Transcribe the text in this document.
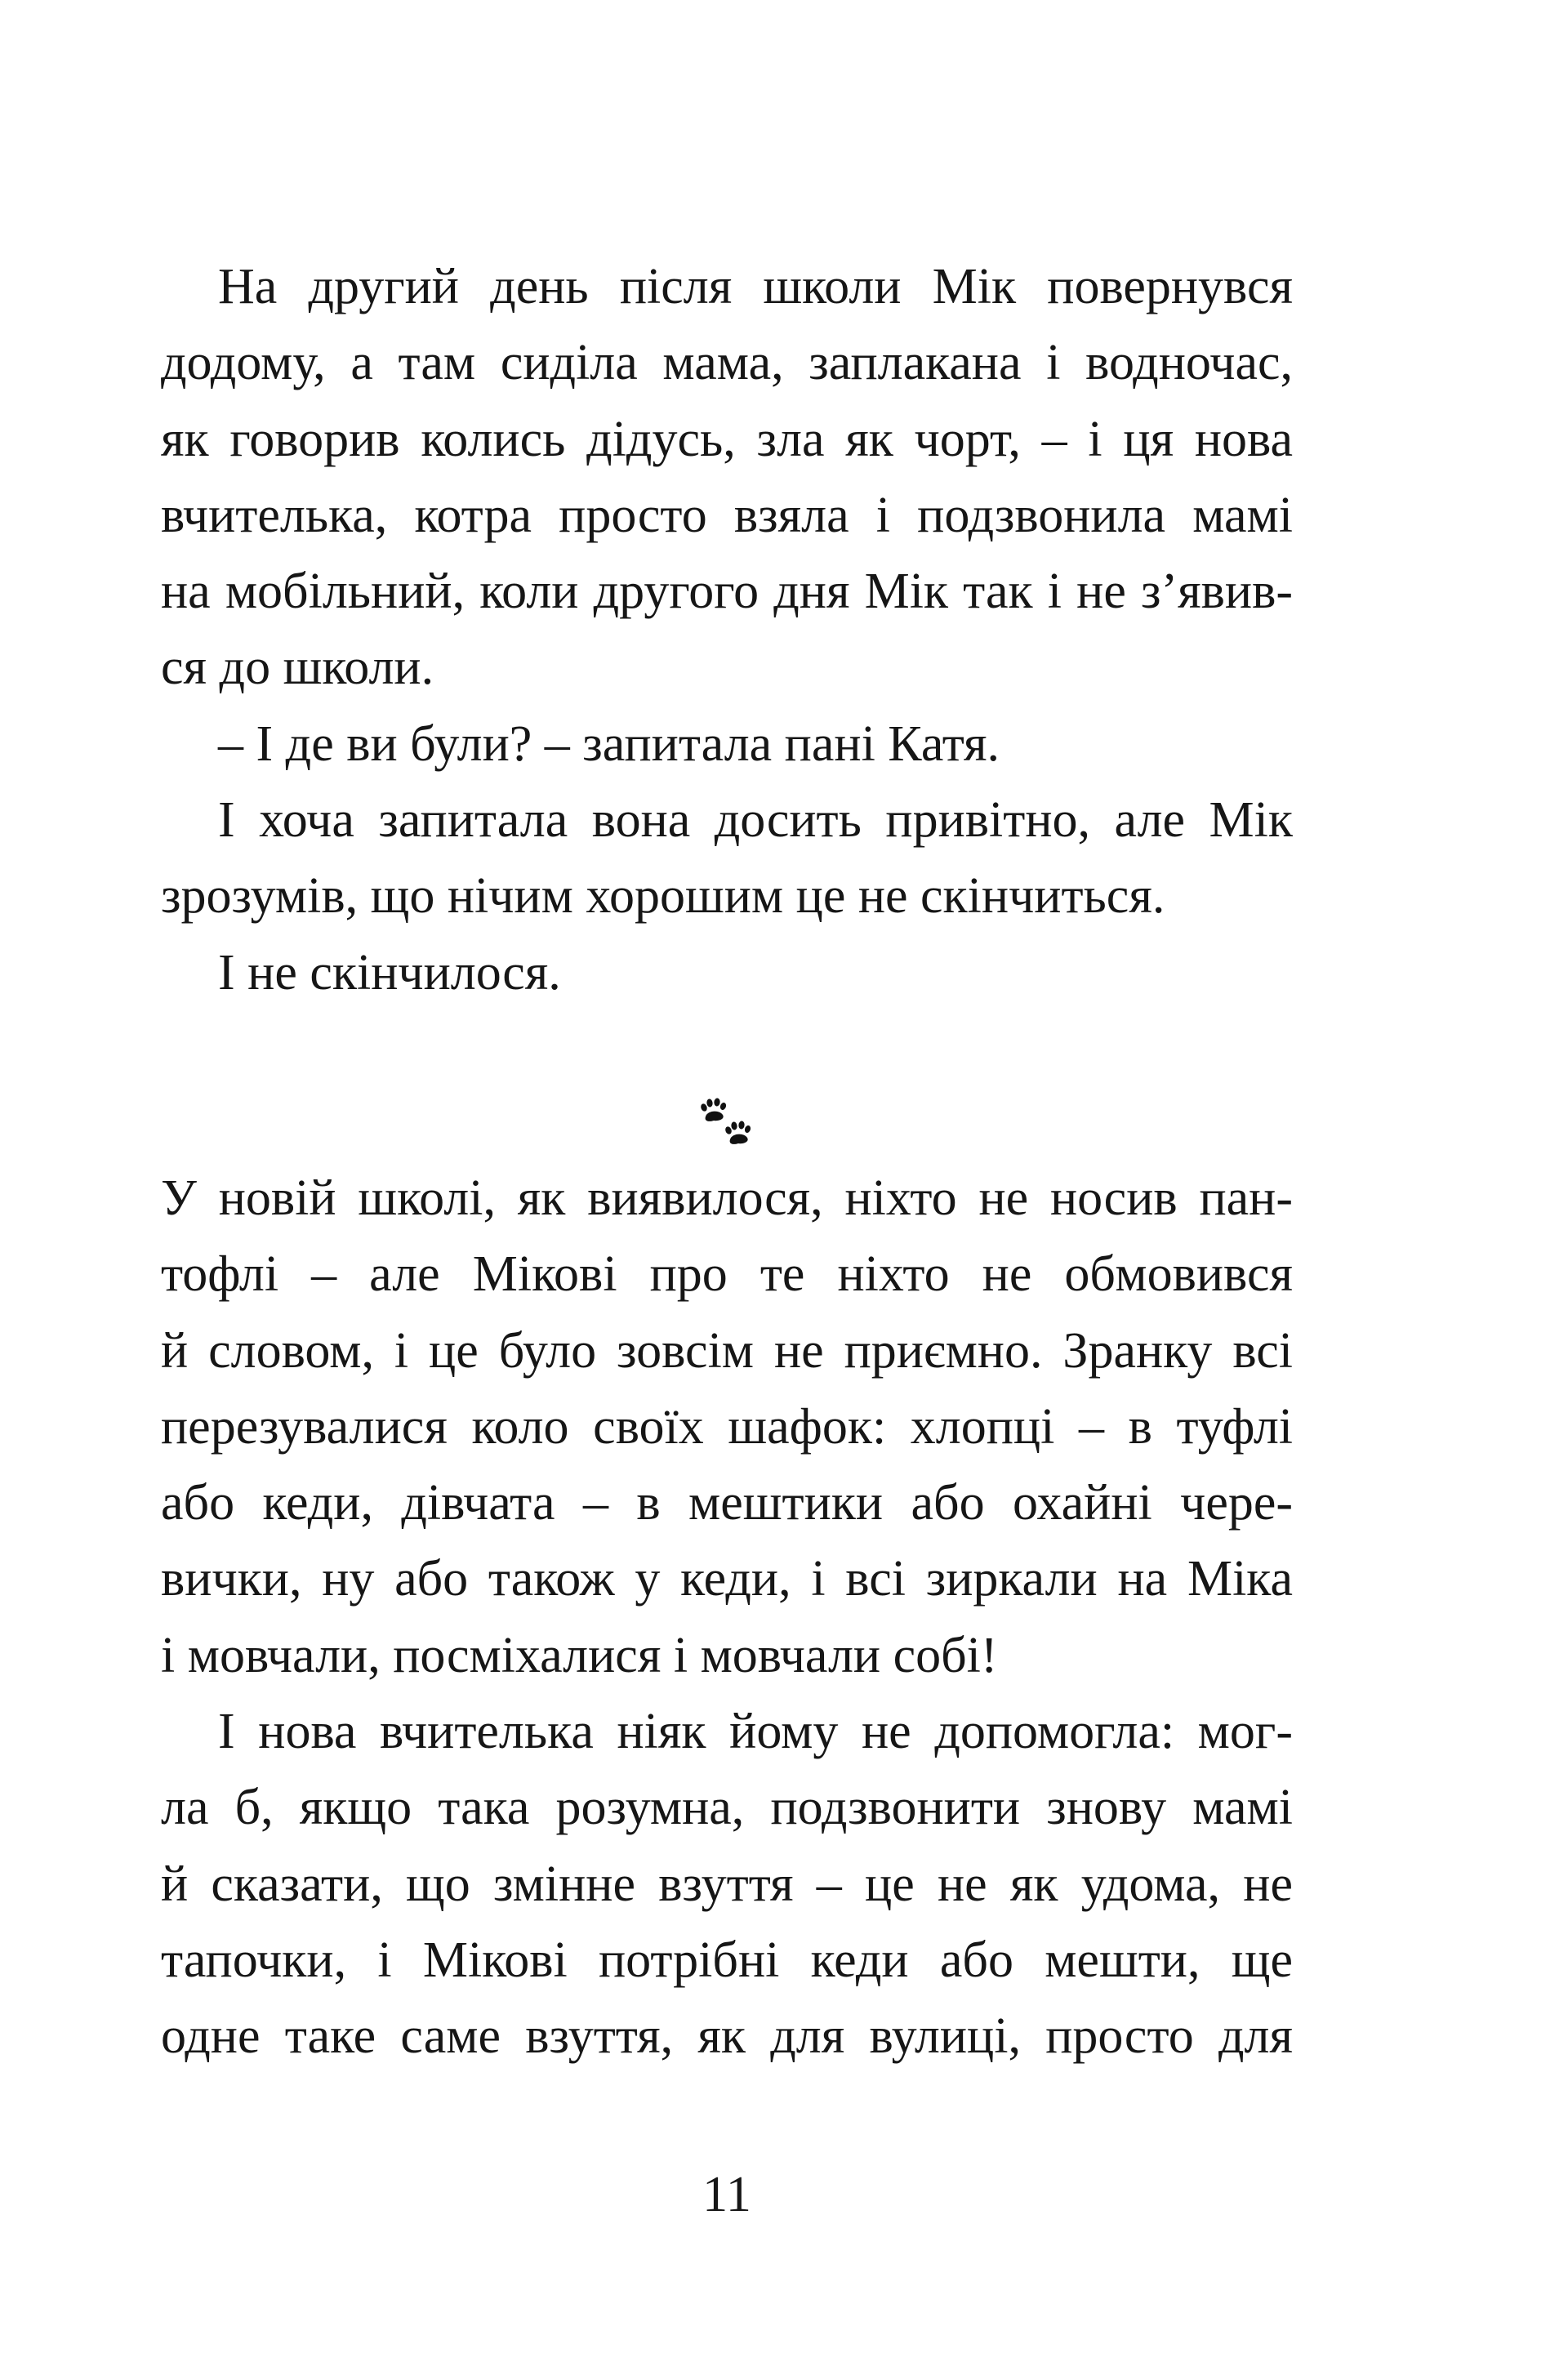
На другий день після школи Мік повернувся
додому, а там сиділа мама, заплакана і водночас,
як говорив колись дідусь, зла як чорт, – і ця нова
вчителька, котра просто взяла і подзвонила мамі
на мобільний, коли другого дня Мік так і не з’явив-
ся до школи.
– І де ви були? – запитала пані Катя.
І хоча запитала вона досить привітно, але Мік
зрозумів, що нічим хорошим це не скінчиться.
І не скінчилося.
У новій школі, як виявилося, ніхто не носив пан-
тофлі – але Мікові про те ніхто не обмовився
й словом, і це було зовсім не приємно. Зранку всі
перезувалися коло своїх шафок: хлопці – в туфлі
або кеди, дівчата – в мештики або охайні чере-
вички, ну або також у кеди, і всі зиркали на Міка
і мовчали, посміхалися і мовчали собі!
І нова вчителька ніяк йому не допомогла: мог-
ла б, якщо така розумна, подзвонити знову мамі
й сказати, що змінне взуття – це не як удома, не
тапочки, і Мікові потрібні кеди або мешти, ще
одне таке саме взуття, як для вулиці, просто для
11
